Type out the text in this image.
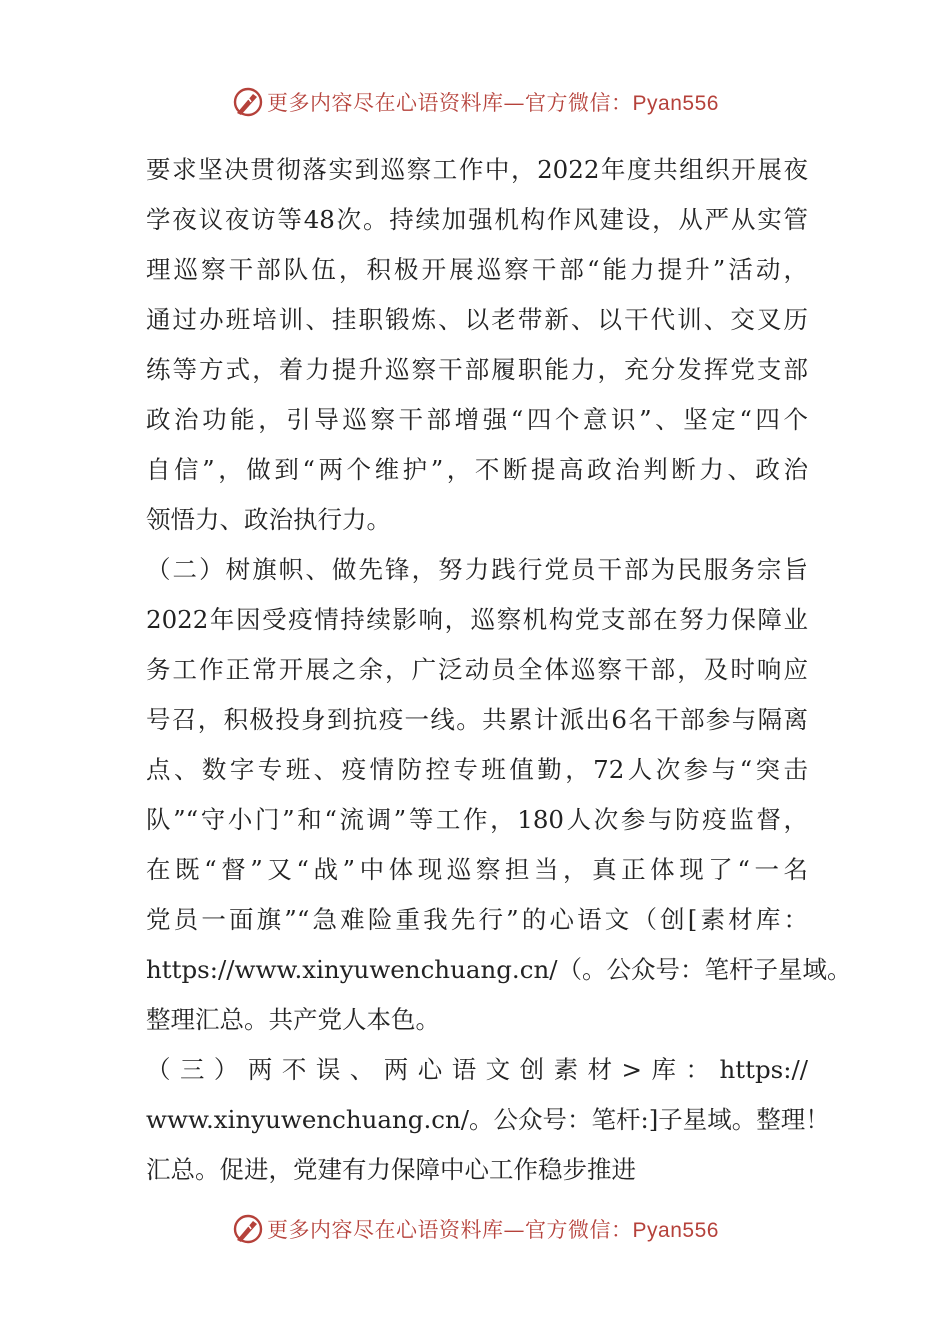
更多内容尽在心语资料库—官方微信：Pyan556
要求坚决贯彻落实到巡察工作中，2022年度共组织开展夜
学夜议夜访等48次。持续加强机构作风建设，从严从实管
理巡察干部队伍，积极开展巡察干部“能力提升”活动，
通过办班培训、挂职锻炼、以老带新、以干代训、交叉历
练等方式，着力提升巡察干部履职能力，充分发挥党支部
政治功能，引导巡察干部增强“四个意识”、坚定“四个
自信”，做到“两个维护”，不断提高政治判断力、政治
领悟力、政治执行力。
（二）树旗帜、做先锋，努力践行党员干部为民服务宗旨
2022年因受疫情持续影响，巡察机构党支部在努力保障业
务工作正常开展之余，广泛动员全体巡察干部，及时响应
号召，积极投身到抗疫一线。共累计派出6名干部参与隔离
点、数字专班、疫情防控专班值勤，72人次参与“突击
队”“守小门”和“流调”等工作，180人次参与防疫监督，
在既“督”又“战”中体现巡察担当，真正体现了“一名
党员一面旗”“急难险重我先行”的心语文（创[素材库：
https://www.xinyuwenchuang.cn/（。公众号：笔杆子星域。
整理汇总。共产党人本色。
（三）两不误、两心语文创素材>库：https://
www.xinyuwenchuang.cn/。公众号：笔杆:]子星域。整理！
汇总。促进，党建有力保障中心工作稳步推进
更多内容尽在心语资料库—官方微信：Pyan556
